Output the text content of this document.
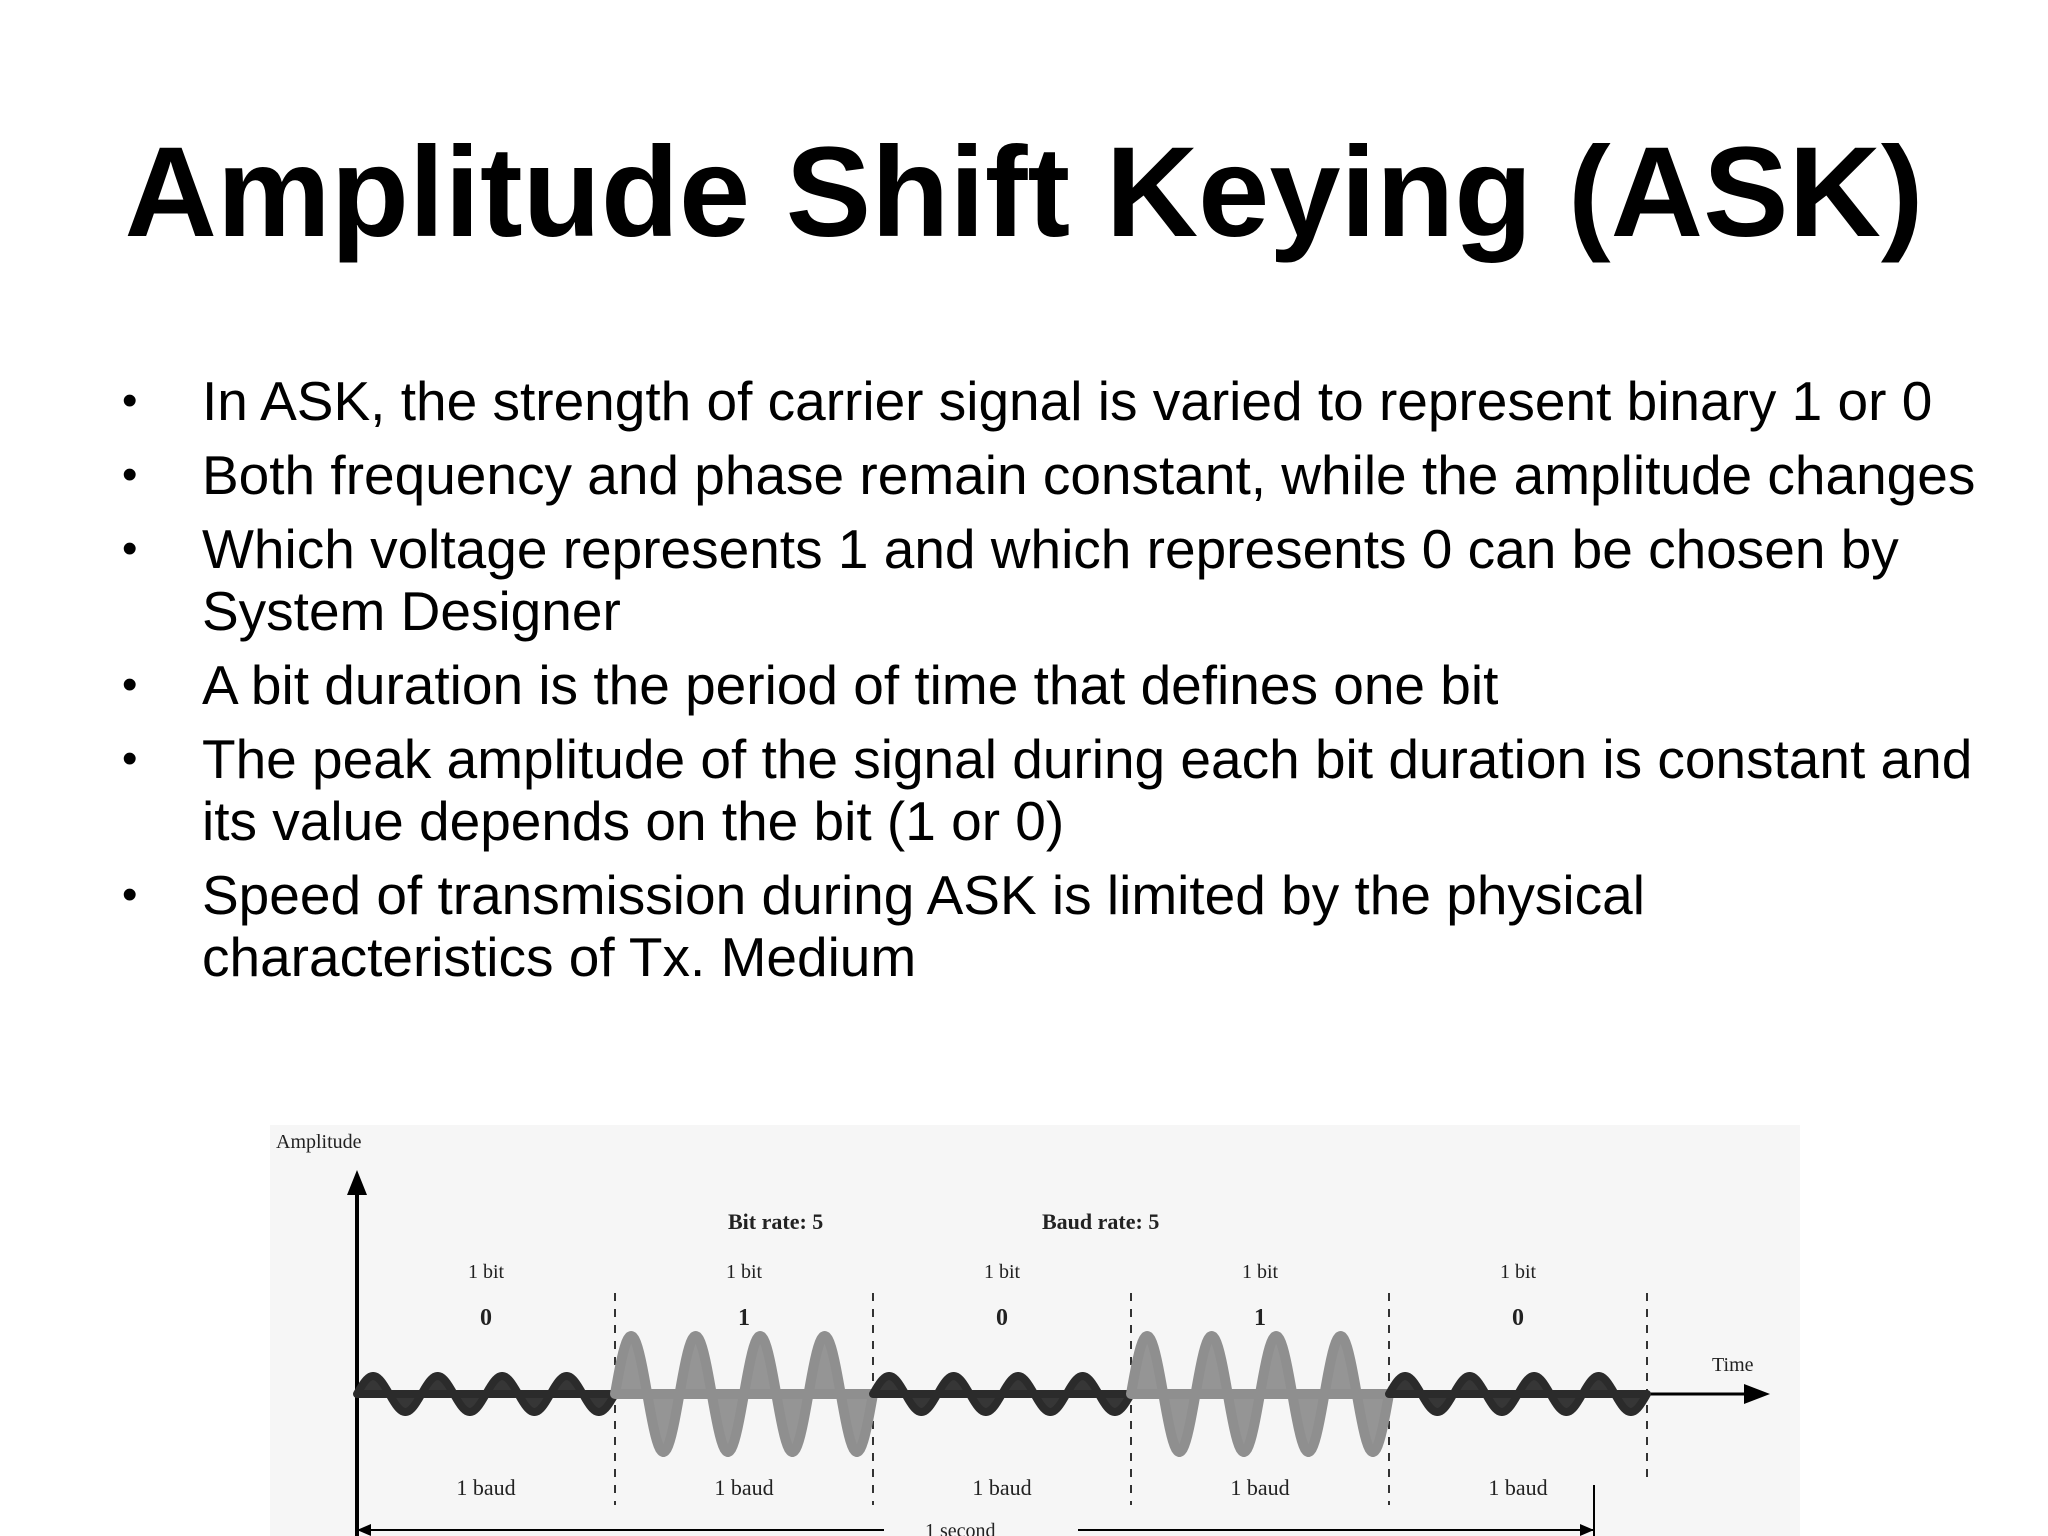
Amplitude Shift Keying (ASK)
• In ASK, the strength of carrier signal is varied to represent binary 1 or 0
• Both frequency and phase remain constant, while the amplitude changes
• Which voltage represents 1 and which represents 0 can be chosen by System Designer
• A bit duration is the period of time that defines one bit
• The peak amplitude of the signal during each bit duration is constant and its value depends on the bit (1 or 0)
• Speed of transmission during ASK is limited by the physical characteristics of Tx. Medium
Amplitude
Time
Bit rate: 5	Baud rate: 5
1 bit
0
1 baud
1 bit
1
1 baud
1 bit
0
1 baud
1 bit
1
1 baud
1 bit
0
1 baud
1 second
